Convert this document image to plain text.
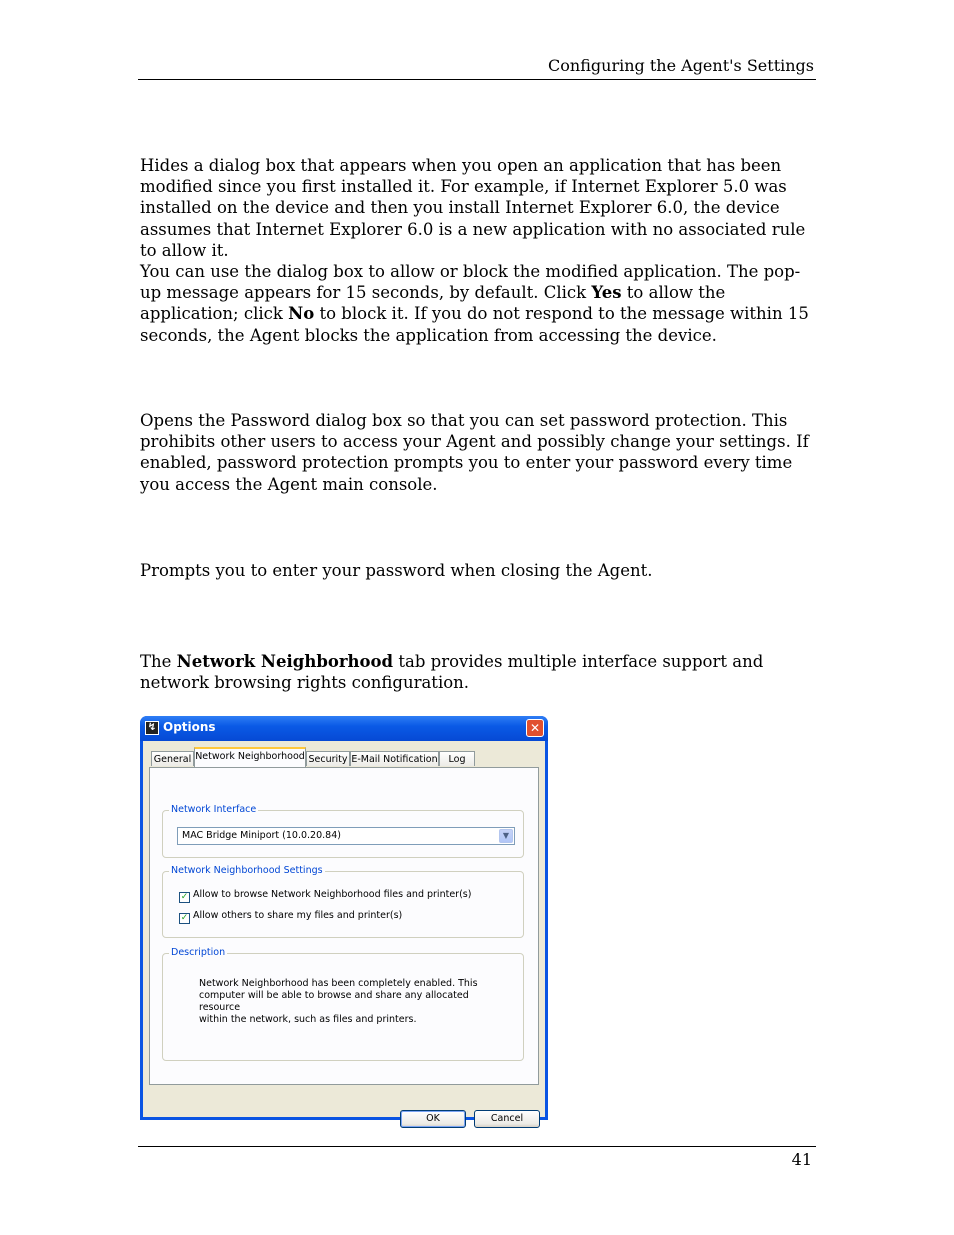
Configuring the Agent's Settings

Hides a dialog box that appears when you open an application that has been modified since you first installed it. For example, if Internet Explorer 5.0 was installed on the device and then you install Internet Explorer 6.0, the device assumes that Internet Explorer 6.0 is a new application with no associated rule to allow it.

You can use the dialog box to allow or block the modified application. The pop-up message appears for 15 seconds, by default. Click Yes to allow the application; click No to block it. If you do not respond to the message within 15 seconds, the Agent blocks the application from accessing the device.

Opens the Password dialog box so that you can set password protection. This prohibits other users to access your Agent and possibly change your settings. If enabled, password protection prompts you to enter your password every time you access the Agent main console.

Prompts you to enter your password when closing the Agent.

The Network Neighborhood tab provides multiple interface support and network browsing rights configuration.

↯ Options	✕
General Network Neighborhood Security E-Mail Notification	Log
Network Interface
MAC Bridge Miniport (10.0.20.84)	▼
Network Neighborhood Settings
✓ Allow to browse Network Neighborhood files and printer(s)
✓ Allow others to share my files and printer(s)
Description
Network Neighborhood has been completely enabled. This
computer will be able to browse and share any allocated resource
within the network, such as files and printers.
OK	Cancel
41
